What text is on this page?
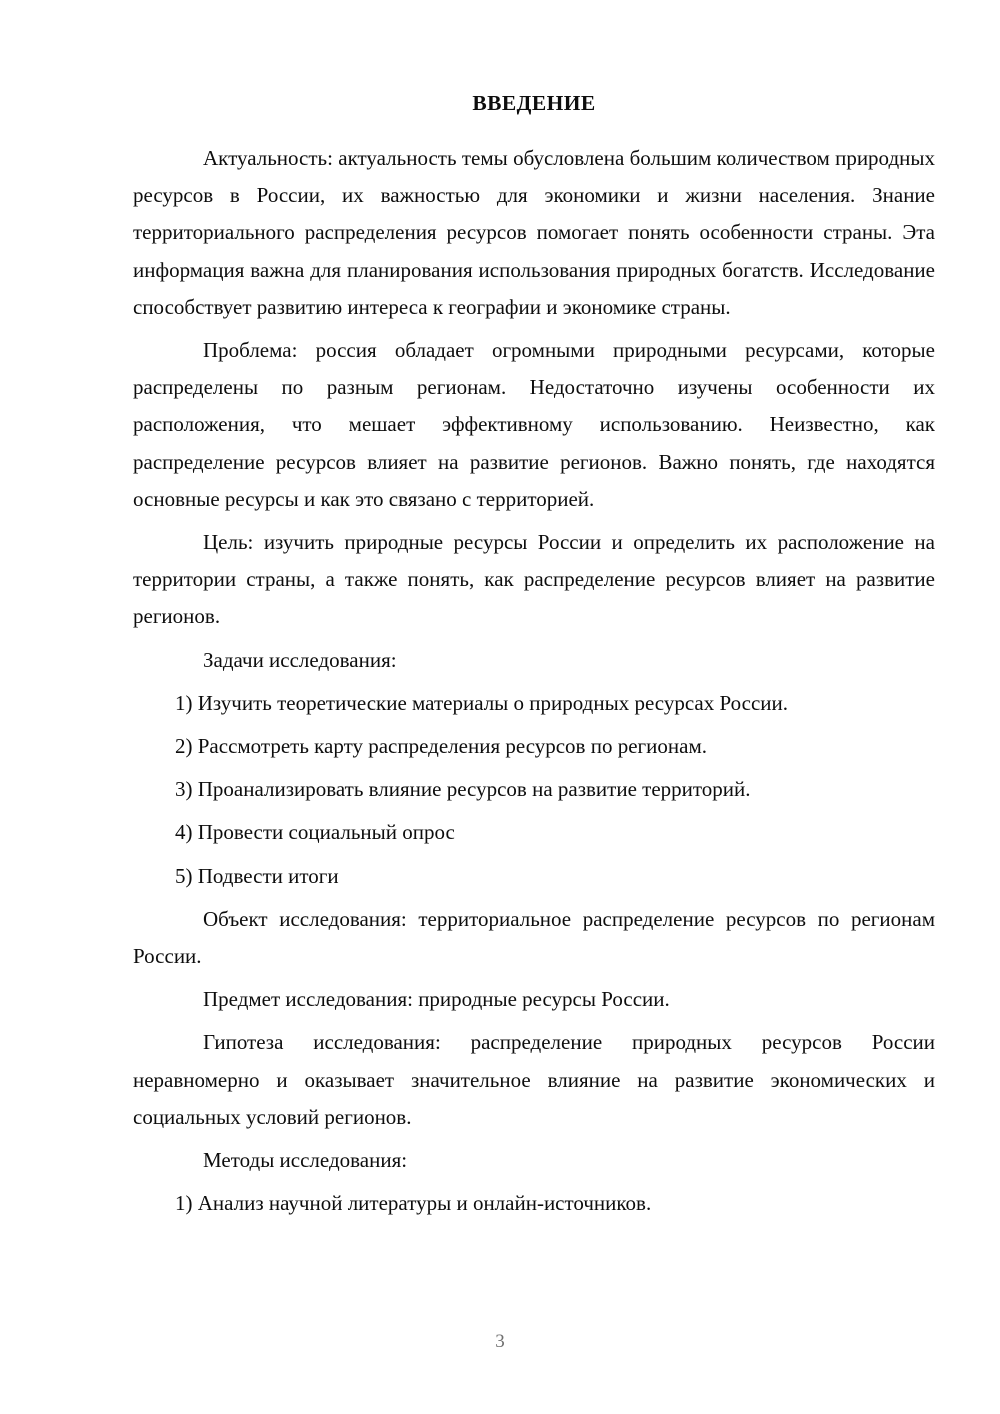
ВВЕДЕНИЕ

Актуальность: актуальность темы обусловлена большим количеством природных ресурсов в России, их важностью для экономики и жизни населения. Знание территориального распределения ресурсов помогает понять особенности страны. Эта информация важна для планирования использования природных богатств. Исследование способствует развитию интереса к географии и экономике страны.

Проблема: россия обладает огромными природными ресурсами, которые распределены по разным регионам. Недостаточно изучены особенности их расположения, что мешает эффективному использованию. Неизвестно, как распределение ресурсов влияет на развитие регионов. Важно понять, где находятся основные ресурсы и как это связано с территорией.

Цель: изучить природные ресурсы России и определить их расположение на территории страны, а также понять, как распределение ресурсов влияет на развитие регионов.

Задачи исследования:

1) Изучить теоретические материалы о природных ресурсах России.
2) Рассмотреть карту распределения ресурсов по регионам.
3) Проанализировать влияние ресурсов на развитие территорий.
4) Провести социальный опрос
5) Подвести итоги

Объект исследования: территориальное распределение ресурсов по регионам России.

Предмет исследования: природные ресурсы России.

Гипотеза исследования: распределение природных ресурсов России неравномерно и оказывает значительное влияние на развитие экономических и социальных условий регионов.

Методы исследования:

1) Анализ научной литературы и онлайн-источников.
3
